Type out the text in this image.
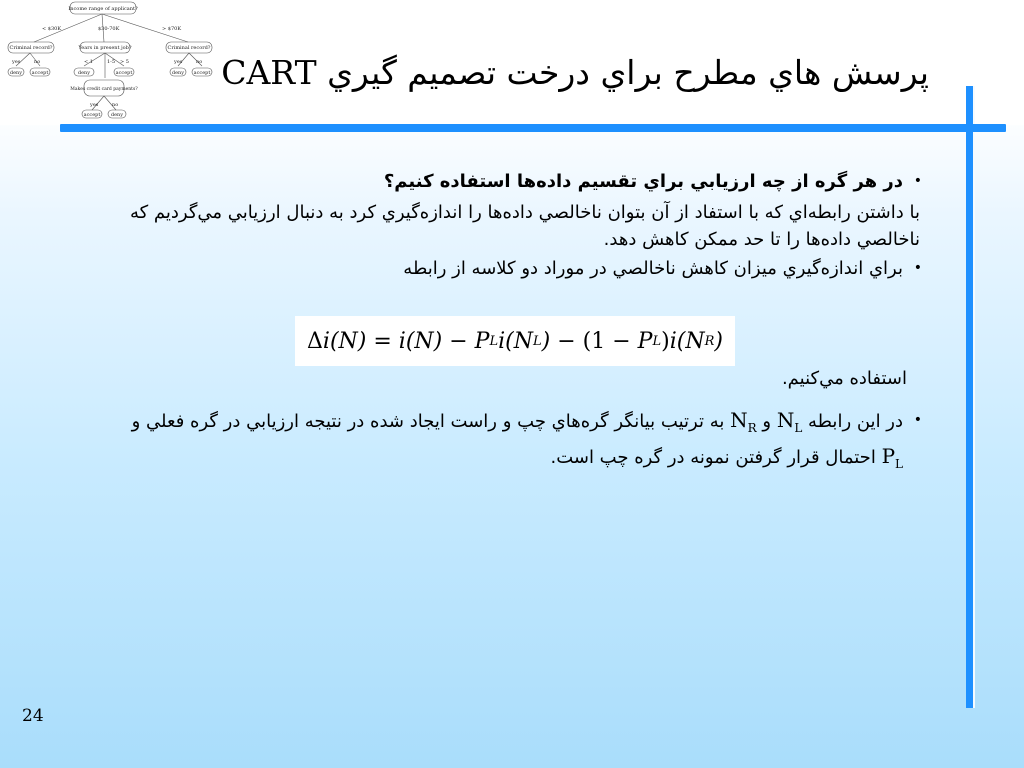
Income range of applicant?
< $30K	$30-70K	> $70K
Criminal record?	Years in present job?	Criminal record?
yes	no	< 1	1-5 > 5	yes	no
deny accept	deny	accept	deny accept
Makes credit card payments?
yes	no
accept deny
پرسش هاي مطرح براي درخت تصميم گيري CART
•
در هر گره از چه ارزيابي براي تقسيم داده‌ها استفاده کنيم؟
با داشتن رابطه‌اي که با استفاد از آن بتوان ناخالصي داده‌ها را اندازه‌گيري کرد به دنبال ارزيابي مي‌گرديم که ناخالصي داده‌ها را تا حد ممکن کاهش دهد.
•
براي اندازه‌گيري ميزان کاهش ناخالصي در موراد دو کلاسه از رابطه
Δ i(N) = i(N) − P L i(N L ) − (1 − P L ) i(N R )
استفاده مي‌کنيم.
•
در اين رابطه $N_L$ و $N_R$ به ترتيب بيانگر گره‌هاي چپ و راست ايجاد شده در نتيجه ارزيابي در گره فعلي و $P_L$ احتمال قرار گرفتن نمونه در گره چپ است.
24
